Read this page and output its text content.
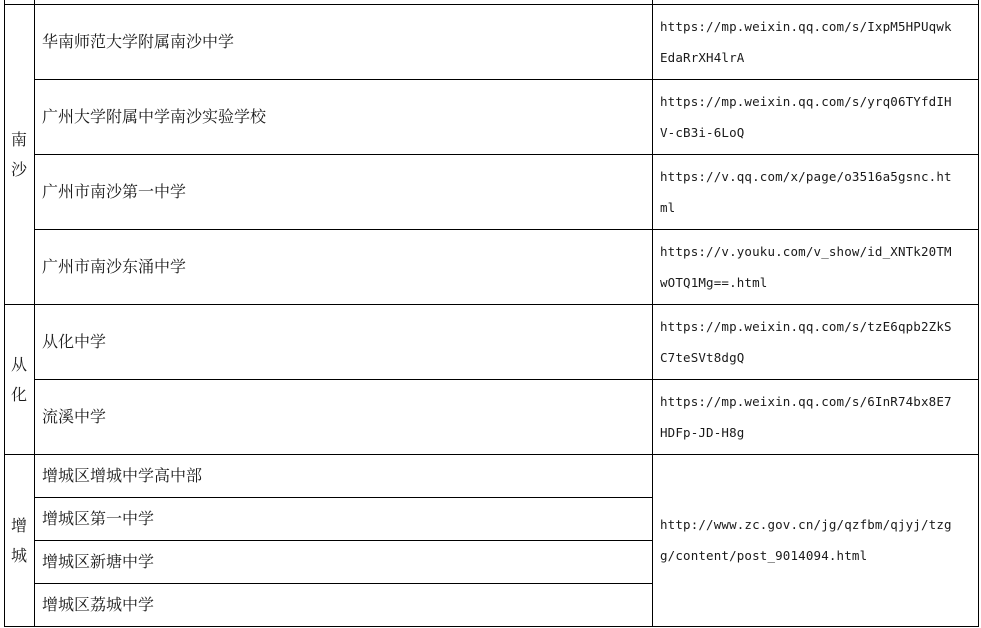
南
沙
华南师范大学附属南沙中学
https://mp.weixin.qq.com/s/IxpM5HPUqwk
EdaRrXH4lrA
广州大学附属中学南沙实验学校
https://mp.weixin.qq.com/s/yrq06TYfdIH
V-cB3i-6LoQ
广州市南沙第一中学
https://v.qq.com/x/page/o3516a5gsnc.ht
ml
广州市南沙东涌中学
https://v.youku.com/v_show/id_XNTk20TM
wOTQ1Mg==.html
从
化
从化中学
https://mp.weixin.qq.com/s/tzE6qpb2ZkS
C7teSVt8dgQ
流溪中学
https://mp.weixin.qq.com/s/6InR74bx8E7
HDFp-JD-H8g
增
城
增城区增城中学高中部
增城区第一中学
增城区新塘中学
增城区荔城中学
http://www.zc.gov.cn/jg/qzfbm/qjyj/tzg
g/content/post_9014094.html
